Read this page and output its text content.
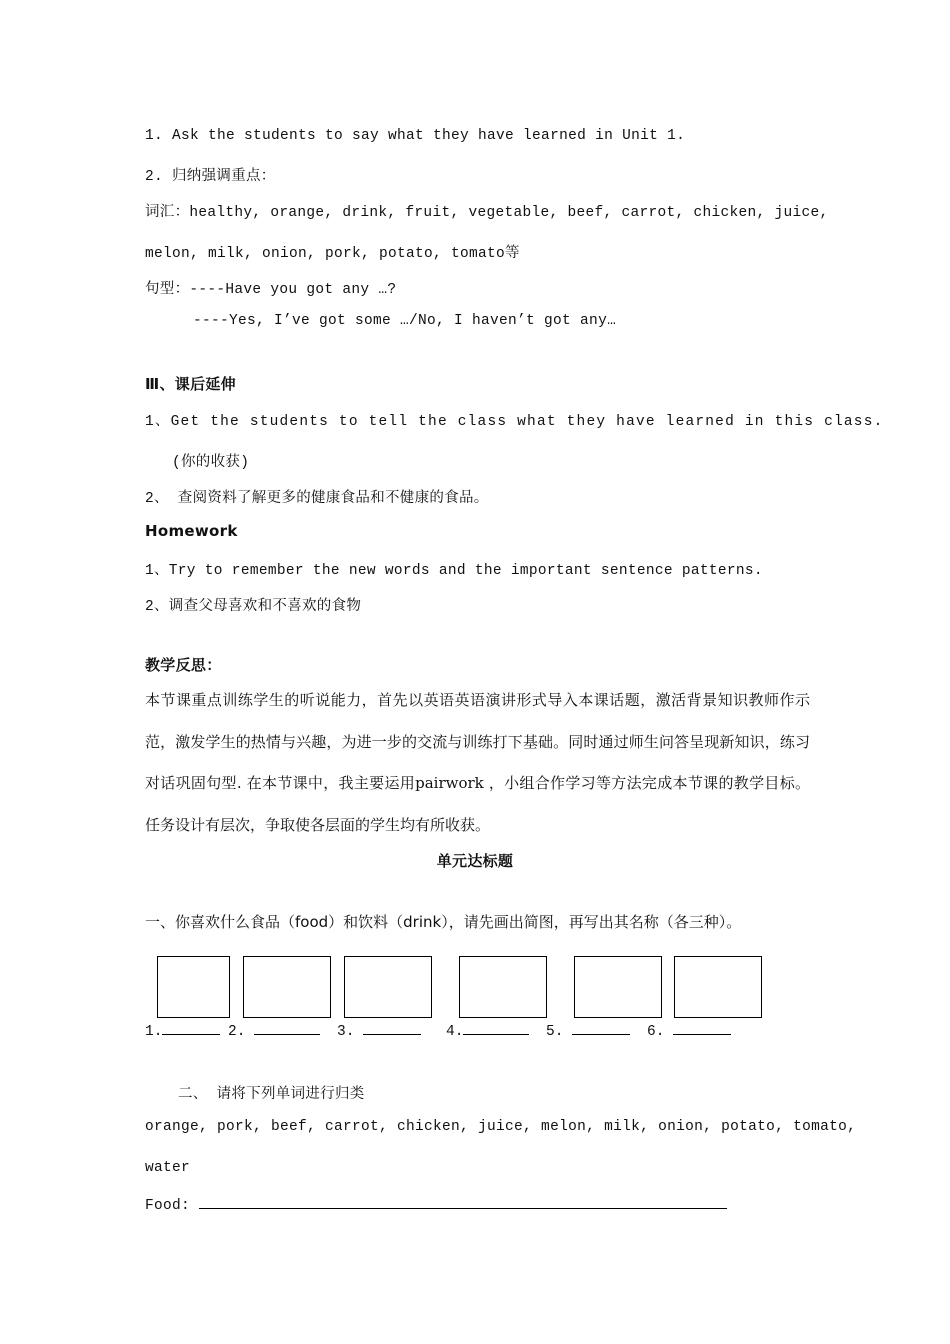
1. Ask the students to say what they have learned in Unit 1.
2. 归纳强调重点：
词汇：healthy, orange, drink, fruit, vegetable, beef, carrot, chicken, juice,
melon, milk, onion, pork, potato, tomato等
句型：----Have you got any …?
----Yes, I’ve got some …/No, I haven’t got any…
Ⅲ、课后延伸
1、Get the students to tell the class what they have learned in this class.
(你的收获)
2、 查阅资料了解更多的健康食品和不健康的食品。
Homework
1、Try to remember the new words and the important sentence patterns.
2、调查父母喜欢和不喜欢的食物
教学反思：
本节课重点训练学生的听说能力，首先以英语英语演讲形式导入本课话题，激活背景知识教师作示范，激发学生的热情与兴趣，为进一步的交流与训练打下基础。同时通过师生问答呈现新知识，练习对话巩固句型. 在本节课中，我主要运用pairwork ，小组合作学习等方法完成本节课的教学目标。任务设计有层次，争取使各层面的学生均有所收获。
单元达标题
一、你喜欢什么食品（food）和饮料（drink），请先画出简图，再写出其名称（各三种）。
1.	2.	3.	4.	5.	6.
二、 请将下列单词进行归类
orange, pork, beef, carrot, chicken, juice, melon, milk, onion, potato, tomato,
water
Food:
